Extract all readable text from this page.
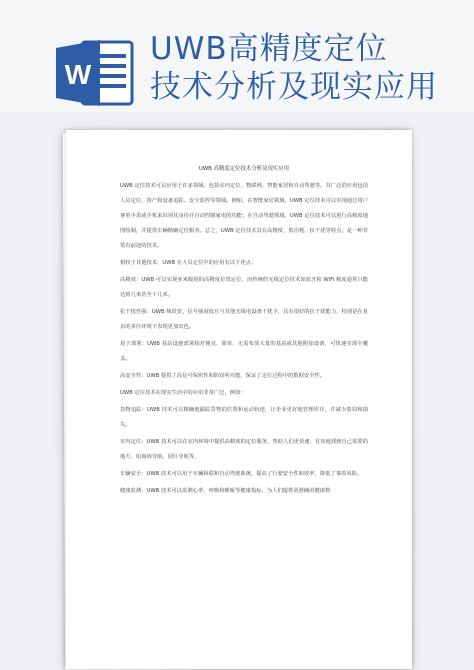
W
UWB高精度定位
技术分析及现实应用
UWB 高精度定位技术分析及现实应用

UWB 定位技术可以应用于许多领域，包括室内定位、物联网、智能家居和自动驾驶等。其广泛的应用包括人员定位、资产和设备追踪、安全监控等领域。例如，在智能家居领域，UWB 定位技术可以实现通过用户拿着手表或手机来识别其身份并自动控制家电的功能；在自动驾驶领域，UWB 定位技术可以进行高精度地图绘制，并提供车辆精确定位服务。总之，UWB 定位技术具有高精度、低功耗、抗干扰等特点，是一种非常有前途的技术。

相较于其他技术，UWB 在人员定位中的应用有以下优点：

高精度：UWB 可以实现亚米级别的高精度位置定位，而传统的无线定位技术如蓝牙和 WiFi 精度通常只能达到几米甚至十几米。

抗干扰性强：UWB 频段宽，信号强度低且与其他无线电设备干扰少，具有很好的抗干扰能力，特别是在复杂的多径环境下表现更加出色。

易于部署：UWB 基站设施部署相对便宜、简单，无需布放大量的基站或其他附加设备，可快速实现全覆盖。

高安全性：UWB 提供了高信号保密性和防窃听功能，保证了定位过程中的数据安全性。

UWB 定位技术在现实生活中的应用非常广泛，例如：

货物追踪：UWB 技术可以精确地跟踪货物的位置和运动轨迹，让企业更好地管理库存，并减少盗窃和损失。

室内定位：UWB 技术可以在室内环境中提供高精度的定位服务，帮助人们更快速、有效地找到自己需要的地方，如商场导航、园区导航等。

车辆安全：UWB 技术可以用于车辆和联和自动驾驶系统，提高了行驶安全性和效率，降低了事故风险。

健康监测：UWB 技术可以监测心率、呼吸和睡眠等健康指标，为人们提供更准确的健康数
